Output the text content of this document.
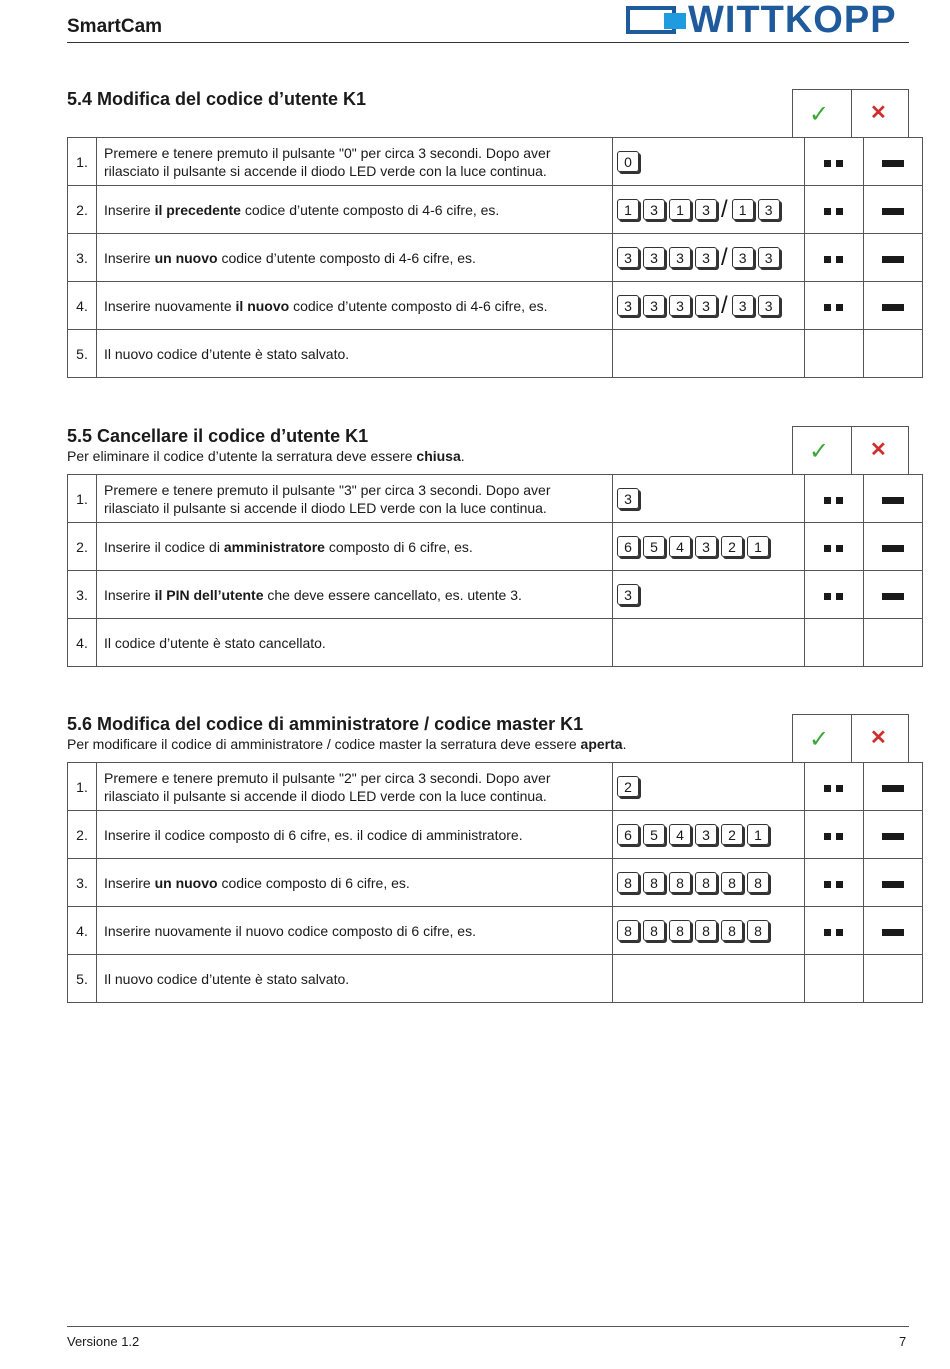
SmartCam	WITTKOPP
5.4 Modifica del codice d’utente K1
✓ ✕
1.	Premere e tenere premuto il pulsante "0" per circa 3 secondi. Dopo aver
rilasciato il pulsante si accende il diodo LED verde con la luce continua.	0		
2.	Inserire il precedente codice d’utente composto di 4-6 cifre, es.	1 3 1 3 / 1 3		
3.	Inserire un nuovo codice d’utente composto di 4-6 cifre, es.	3 3 3 3 / 3 3		
4.	Inserire nuovamente il nuovo codice d’utente composto di 4-6 cifre, es.	3 3 3 3 / 3 3		
5.	Il nuovo codice d’utente è stato salvato.			
5.5 Cancellare il codice d’utente K1
Per eliminare il codice d’utente la serratura deve essere chiusa.	✓ ✕
1.	Premere e tenere premuto il pulsante "3" per circa 3 secondi. Dopo aver
rilasciato il pulsante si accende il diodo LED verde con la luce continua.	3		
2.	Inserire il codice di amministratore composto di 6 cifre, es.	6 5 4 3 2 1		
3.	Inserire il PIN dell’utente che deve essere cancellato, es. utente 3.	3		
4.	Il codice d’utente è stato cancellato.			
5.6 Modifica del codice di amministratore / codice master K1
Per modificare il codice di amministratore / codice master la serratura deve essere aperta.	✓ ✕
1.	Premere e tenere premuto il pulsante "2" per circa 3 secondi. Dopo aver
rilasciato il pulsante si accende il diodo LED verde con la luce continua.	2		
2.	Inserire il codice composto di 6 cifre, es. il codice di amministratore.	6 5 4 3 2 1		
3.	Inserire un nuovo codice composto di 6 cifre, es.	8 8 8 8 8 8		
4.	Inserire nuovamente il nuovo codice composto di 6 cifre, es.	8 8 8 8 8 8		
5.	Il nuovo codice d’utente è stato salvato.			
Versione 1.2	7
